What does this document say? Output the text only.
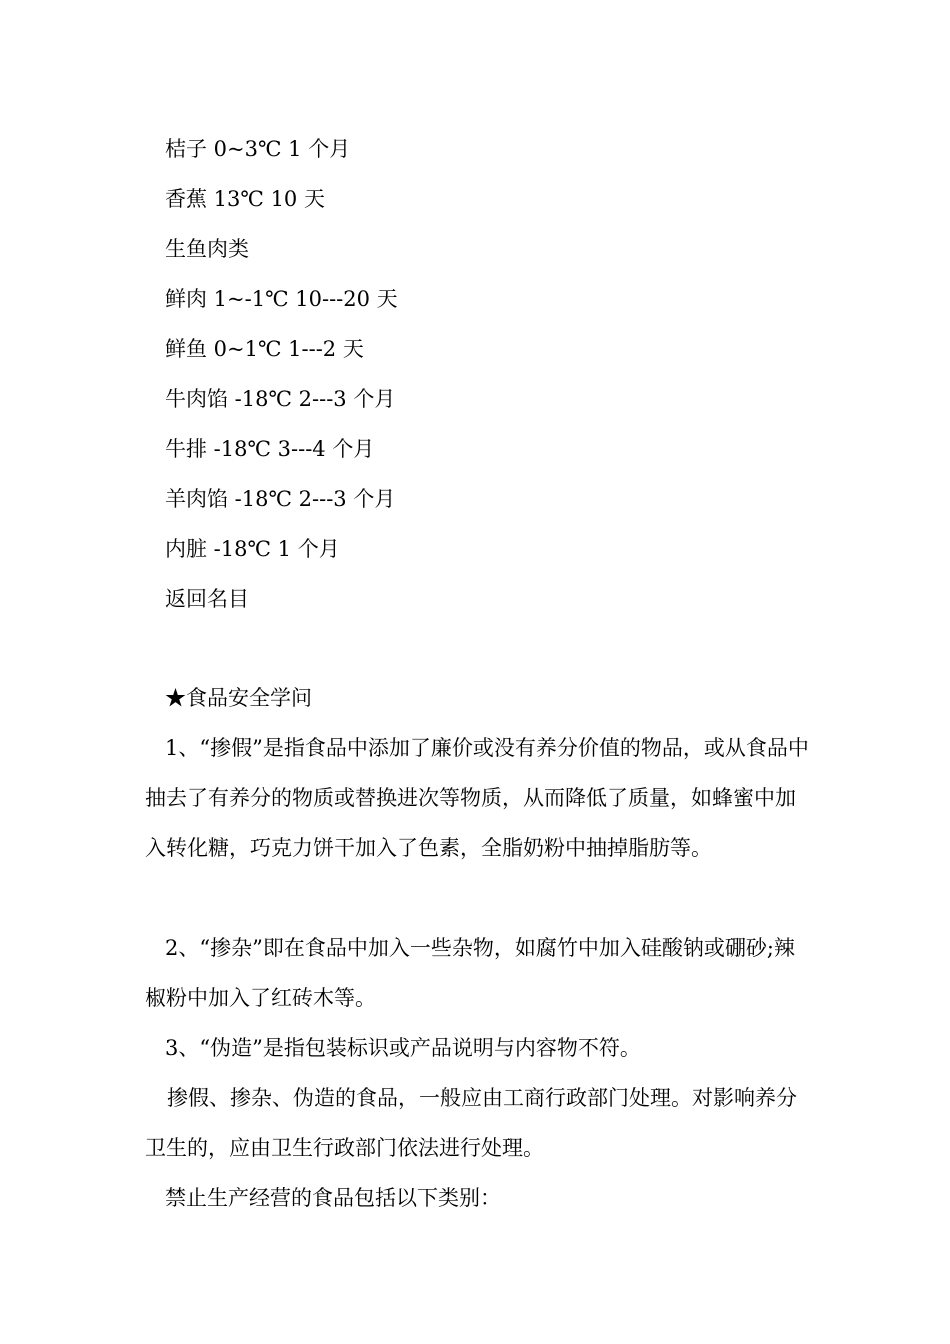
桔子 0~3℃ 1 个月
香蕉 13℃ 10 天
生鱼肉类
鲜肉 1~-1℃ 10---20 天
鲜鱼 0~1℃ 1---2 天
牛肉馅 -18℃ 2---3 个月
牛排 -18℃ 3---4 个月
羊肉馅 -18℃ 2---3 个月
内脏 -18℃ 1 个月
返回名目
★食品安全学问
1、“掺假”是指食品中添加了廉价或没有养分价值的物品，或从食品中抽去了有养分的物质或替换进次等物质，从而降低了质量，如蜂蜜中加入转化糖，巧克力饼干加入了色素，全脂奶粉中抽掉脂肪等。
2、“掺杂”即在食品中加入一些杂物，如腐竹中加入硅酸钠或硼砂;辣椒粉中加入了红砖木等。
3、“伪造”是指包装标识或产品说明与内容物不符。
掺假、掺杂、伪造的食品，一般应由工商行政部门处理。对影响养分卫生的，应由卫生行政部门依法进行处理。
禁止生产经营的食品包括以下类别：
